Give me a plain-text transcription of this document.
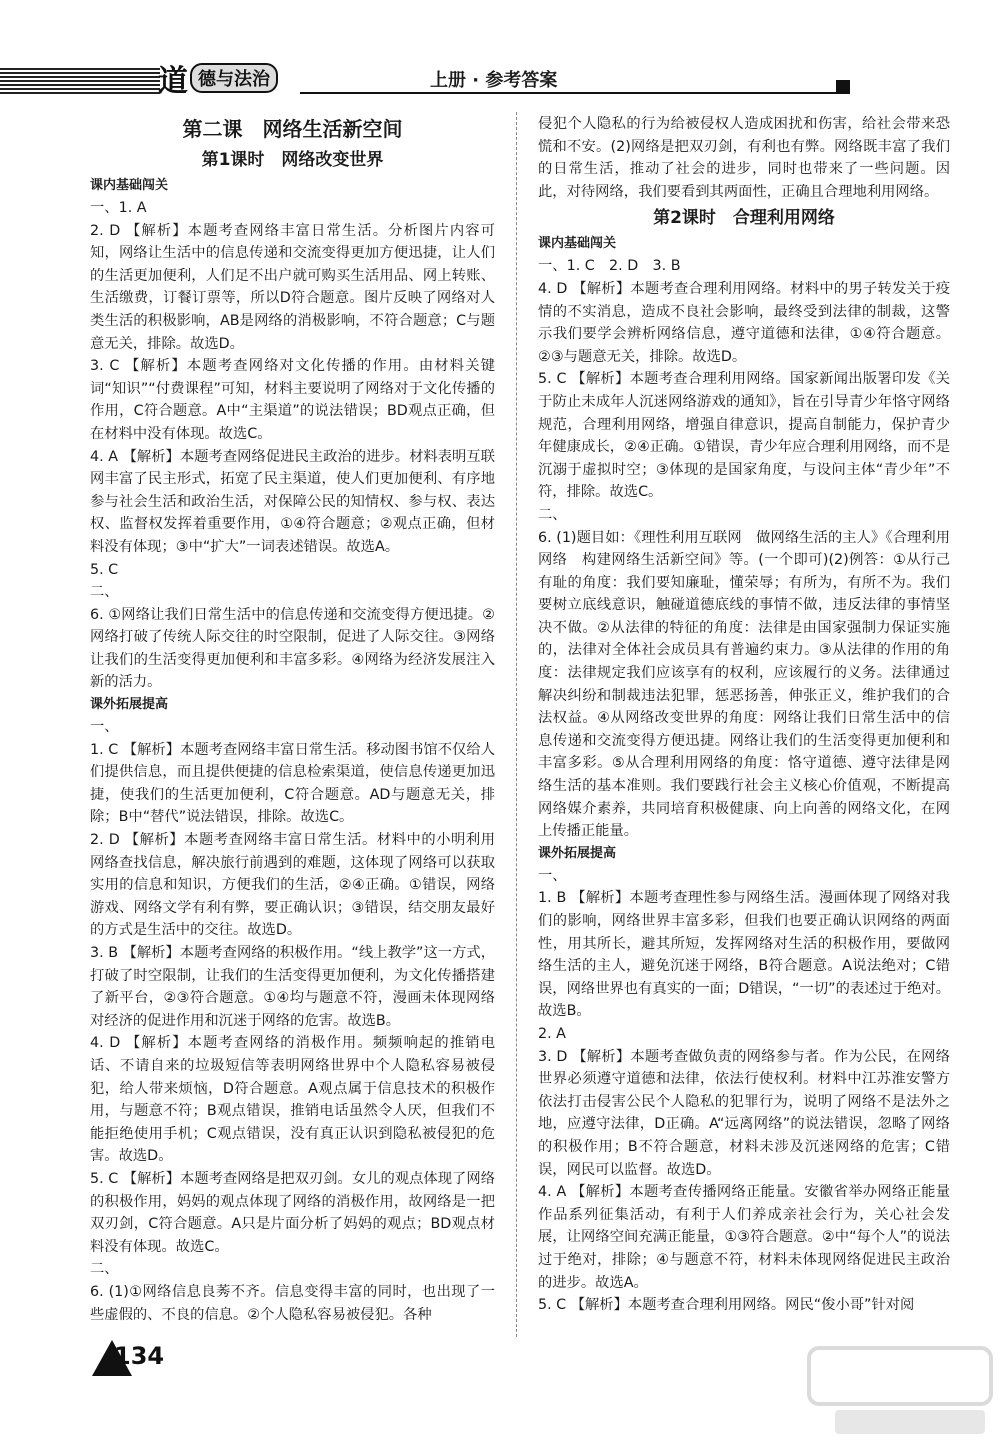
道 德与法治	上册 · 参考答案

第二课　网络生活新空间

第1课时　网络改变世界

课内基础闯关

一、1. A

2. D 【解析】本题考查网络丰富日常生活。分析图片内容可知，网络让生活中的信息传递和交流变得更加方便迅捷，让人们的生活更加便利，人们足不出户就可购买生活用品、网上转账、生活缴费，订餐订票等，所以D符合题意。图片反映了网络对人类生活的积极影响，AB是网络的消极影响，不符合题意；C与题意无关，排除。故选D。

3. C 【解析】本题考查网络对文化传播的作用。由材料关键词“知识”“付费课程”可知，材料主要说明了网络对于文化传播的作用，C符合题意。A中“主渠道”的说法错误；BD观点正确，但在材料中没有体现。故选C。

4. A 【解析】本题考查网络促进民主政治的进步。材料表明互联网丰富了民主形式，拓宽了民主渠道，使人们更加便利、有序地参与社会生活和政治生活，对保障公民的知情权、参与权、表达权、监督权发挥着重要作用，①④符合题意；②观点正确，但材料没有体现；③中“扩大”一词表述错误。故选A。

5. C

二、

6. ①网络让我们日常生活中的信息传递和交流变得方便迅捷。②网络打破了传统人际交往的时空限制，促进了人际交往。③网络让我们的生活变得更加便利和丰富多彩。④网络为经济发展注入新的活力。

课外拓展提高

一、

1. C 【解析】本题考查网络丰富日常生活。移动图书馆不仅给人们提供信息，而且提供便捷的信息检索渠道，使信息传递更加迅捷，使我们的生活更加便利，C符合题意。AD与题意无关，排除；B中“替代”说法错误，排除。故选C。

2. D 【解析】本题考查网络丰富日常生活。材料中的小明利用网络查找信息，解决旅行前遇到的难题，这体现了网络可以获取实用的信息和知识，方便我们的生活，②④正确。①错误，网络游戏、网络文学有利有弊，要正确认识；③错误，结交朋友最好的方式是生活中的交往。故选D。

3. B 【解析】本题考查网络的积极作用。“线上教学”这一方式，打破了时空限制，让我们的生活变得更加便利，为文化传播搭建了新平台，②③符合题意。①④均与题意不符，漫画未体现网络对经济的促进作用和沉迷于网络的危害。故选B。

4. D 【解析】本题考查网络的消极作用。频频响起的推销电话、不请自来的垃圾短信等表明网络世界中个人隐私容易被侵犯，给人带来烦恼，D符合题意。A观点属于信息技术的积极作用，与题意不符；B观点错误，推销电话虽然令人厌，但我们不能拒绝使用手机；C观点错误，没有真正认识到隐私被侵犯的危害。故选D。

5. C 【解析】本题考查网络是把双刃剑。女儿的观点体现了网络的积极作用，妈妈的观点体现了网络的消极作用，故网络是一把双刃剑，C符合题意。A只是片面分析了妈妈的观点；BD观点材料没有体现。故选C。

二、

6. (1)①网络信息良莠不齐。信息变得丰富的同时，也出现了一些虚假的、不良的信息。②个人隐私容易被侵犯。各种

侵犯个人隐私的行为给被侵权人造成困扰和伤害，给社会带来恐慌和不安。(2)网络是把双刃剑，有利也有弊。网络既丰富了我们的日常生活，推动了社会的进步，同时也带来了一些问题。因此，对待网络，我们要看到其两面性，正确且合理地利用网络。

第2课时　合理利用网络

课内基础闯关

一、1. C　2. D　3. B

4. D 【解析】本题考查合理利用网络。材料中的男子转发关于疫情的不实消息，造成不良社会影响，最终受到法律的制裁，这警示我们要学会辨析网络信息，遵守道德和法律，①④符合题意。②③与题意无关，排除。故选D。

5. C 【解析】本题考查合理利用网络。国家新闻出版署印发《关于防止未成年人沉迷网络游戏的通知》，旨在引导青少年恪守网络规范，合理利用网络，增强自律意识，提高自制能力，保护青少年健康成长，②④正确。①错误，青少年应合理利用网络，而不是沉溺于虚拟时空；③体现的是国家角度，与设问主体“青少年”不符，排除。故选C。

二、

6. (1)题目如：《理性利用互联网　做网络生活的主人》《合理利用网络　构建网络生活新空间》等。(一个即可)(2)例答：①从行己有耻的角度：我们要知廉耻，懂荣辱；有所为，有所不为。我们要树立底线意识，触碰道德底线的事情不做，违反法律的事情坚决不做。②从法律的特征的角度：法律是由国家强制力保证实施的，法律对全体社会成员具有普遍约束力。③从法律的作用的角度：法律规定我们应该享有的权利，应该履行的义务。法律通过解决纠纷和制裁违法犯罪，惩恶扬善，伸张正义，维护我们的合法权益。④从网络改变世界的角度：网络让我们日常生活中的信息传递和交流变得方便迅捷。网络让我们的生活变得更加便利和丰富多彩。⑤从合理利用网络的角度：恪守道德、遵守法律是网络生活的基本准则。我们要践行社会主义核心价值观，不断提高网络媒介素养，共同培育积极健康、向上向善的网络文化，在网上传播正能量。

课外拓展提高

一、

1. B 【解析】本题考查理性参与网络生活。漫画体现了网络对我们的影响，网络世界丰富多彩，但我们也要正确认识网络的两面性，用其所长，避其所短，发挥网络对生活的积极作用，要做网络生活的主人，避免沉迷于网络，B符合题意。A说法绝对；C错误，网络世界也有真实的一面；D错误，“一切”的表述过于绝对。故选B。

2. A

3. D 【解析】本题考查做负责的网络参与者。作为公民，在网络世界必须遵守道德和法律，依法行使权利。材料中江苏淮安警方依法打击侵害公民个人隐私的犯罪行为，说明了网络不是法外之地，应遵守法律，D正确。A“远离网络”的说法错误，忽略了网络的积极作用；B不符合题意，材料未涉及沉迷网络的危害；C错误，网民可以监督。故选D。

4. A 【解析】本题考查传播网络正能量。安徽省举办网络正能量作品系列征集活动，有利于人们养成亲社会行为，关心社会发展，让网络空间充满正能量，①③符合题意。②中“每个人”的说法过于绝对，排除；④与题意不符，材料未体现网络促进民主政治的进步。故选A。

5. C 【解析】本题考查合理利用网络。网民“俊小哥”针对阅

134
